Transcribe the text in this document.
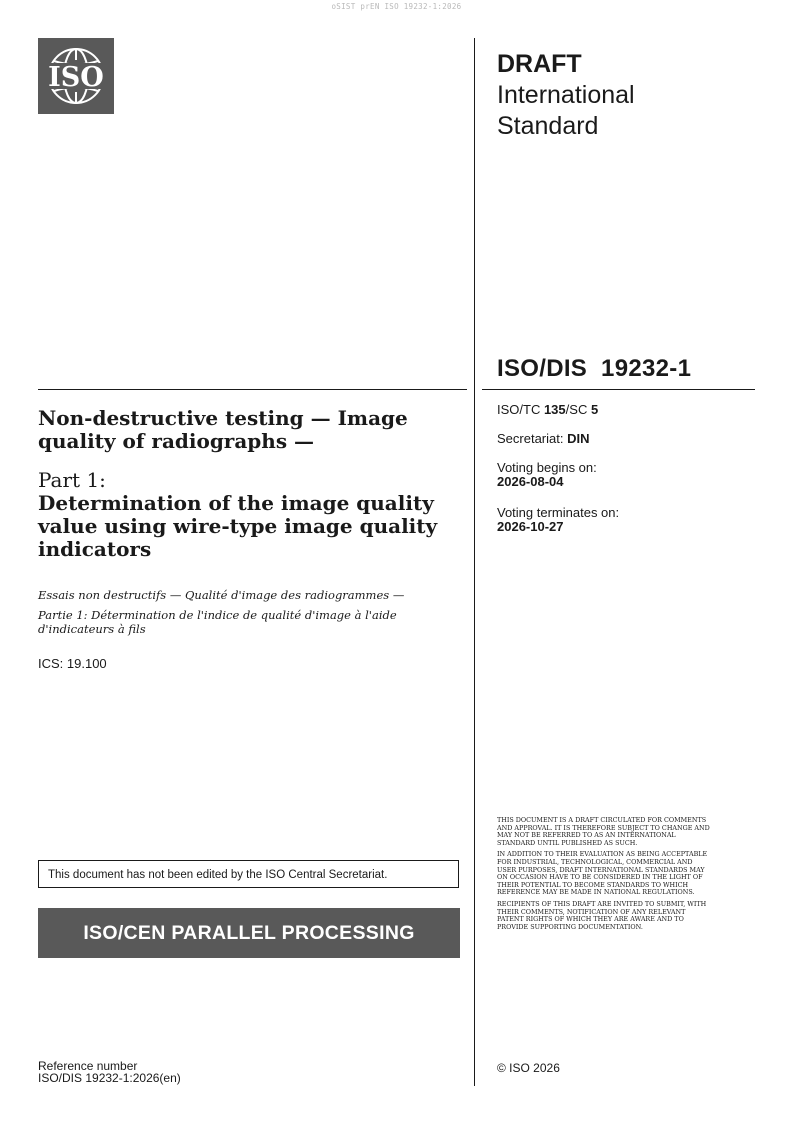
oSIST prEN ISO 19232-1:2026
ISO	DRAFT
International
Standard
ISO/DIS  19232-1
ISO/TC 135/SC 5
Secretariat: DIN
Voting begins on:
2026-08-04
Voting terminates on:
2026-10-27
Non-destructive testing — Image quality of radiographs —
Part 1:
Determination of the image quality value using wire-type image quality indicators
Essais non destructifs — Qualité d'image des radiogrammes —
Partie 1: Détermination de l'indice de qualité d'image à l'aide d'indicateurs à fils
ICS: 19.100
This document has not been edited by the ISO Central Secretariat.
ISO/CEN PARALLEL PROCESSING
Reference number
ISO/DIS 19232-1:2026(en)

THIS DOCUMENT IS A DRAFT CIRCULATED FOR COMMENTS AND APPROVAL. IT IS THEREFORE SUBJECT TO CHANGE AND MAY NOT BE REFERRED TO AS AN INTERNATIONAL STANDARD UNTIL PUBLISHED AS SUCH.

IN ADDITION TO THEIR EVALUATION AS BEING ACCEPTABLE FOR INDUSTRIAL, TECHNOLOGICAL, COMMERCIAL AND USER PURPOSES, DRAFT INTERNATIONAL STANDARDS MAY ON OCCASION HAVE TO BE CONSIDERED IN THE LIGHT OF THEIR POTENTIAL TO BECOME STANDARDS TO WHICH REFERENCE MAY BE MADE IN NATIONAL REGULATIONS.

RECIPIENTS OF THIS DRAFT ARE INVITED TO SUBMIT, WITH THEIR COMMENTS, NOTIFICATION OF ANY RELEVANT PATENT RIGHTS OF WHICH THEY ARE AWARE AND TO PROVIDE SUPPORTING DOCUMENTATION.

© ISO 2026
